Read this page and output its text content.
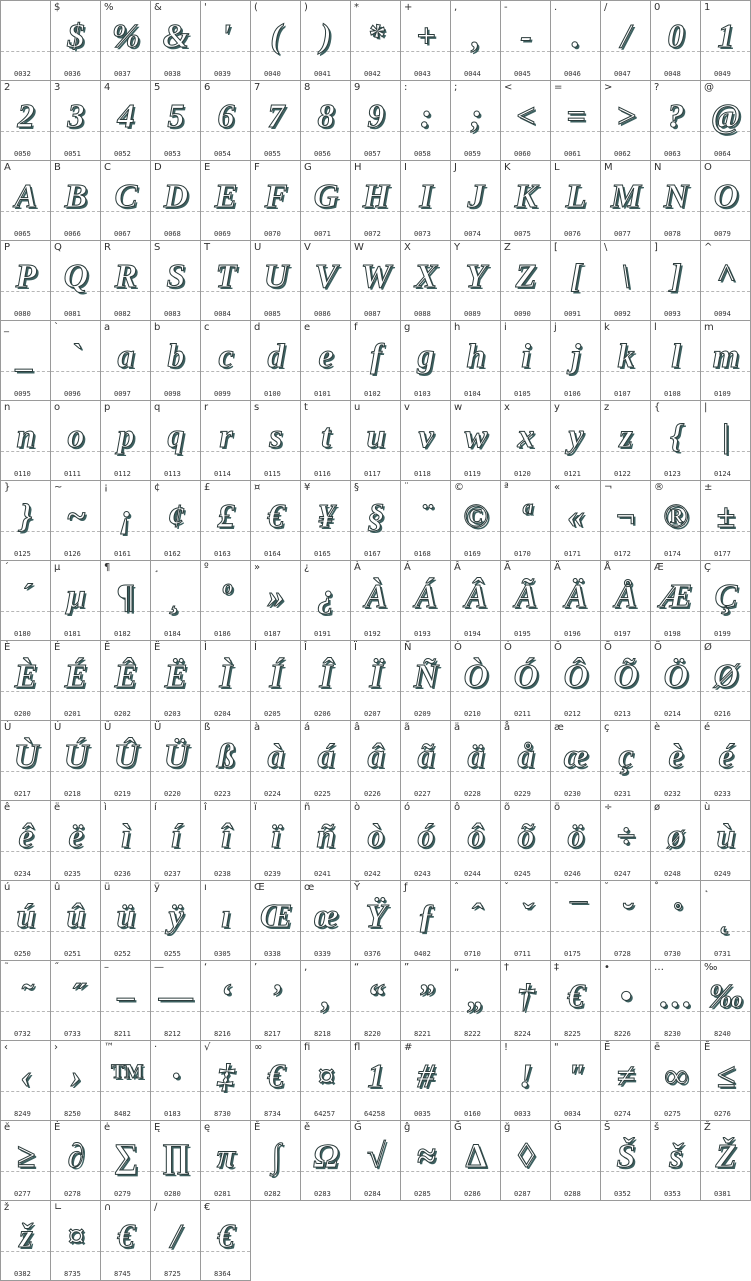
0032
$
$
0036
%
%
0037
&
&
0038
'
'
0039
(
(
0040
)
)
0041
*
*
0042
+
+
0043
,
,
0044
-
-
0045
.
.
0046
/
/
0047
0
0
0048
1
1
0049
2
2
0050
3
3
0051
4
4
0052
5
5
0053
6
6
0054
7
7
0055
8
8
0056
9
9
0057
:
:
0058
;
;
0059
<
<
0060
=
=
0061
>
>
0062
?
?
0063
@
@
0064
A
A
0065
B
B
0066
C
C
0067
D
D
0068
E
E
0069
F
F
0070
G
G
0071
H
H
0072
I
I
0073
J
J
0074
K
K
0075
L
L
0076
M
M
0077
N
N
0078
O
O
0079
P
P
0080
Q
Q
0081
R
R
0082
S
S
0083
T
T
0084
U
U
0085
V
V
0086
W
W
0087
X
X
0088
Y
Y
0089
Z
Z
0090
[
[
0091
\
\
0092
]
]
0093
^
^
0094
_
_
0095
`
`
0096
a
a
0097
b
b
0098
c
c
0099
d
d
0100
e
e
0101
f
f
0102
g
g
0103
h
h
0104
i
i
0105
j
j
0106
k
k
0107
l
l
0108
m
m
0109
n
n
0110
o
o
0111
p
p
0112
q
q
0113
r
r
0114
s
s
0115
t
t
0116
u
u
0117
v
v
0118
w
w
0119
x
x
0120
y
y
0121
z
z
0122
{
{
0123
|
|
0124
}
}
0125
~
~
0126
¡
¡
0161
¢
¢
0162
£
£
0163
¤
€
0164
¥
¥
0165
§
§
0167
¨
¨
0168
©
©
0169
ª
ª
0170
«
«
0171
¬
¬
0172
®
®
0174
±
±
0177
´
´
0180
µ
µ
0181
¶
¶
0182
¸
¸
0184
º
º
0186
»
»
0187
¿
¿
0191
À
À
0192
Á
Á
0193
Â
Â
0194
Ã
Ã
0195
Ä
Ä
0196
Å
Å
0197
Æ
Æ
0198
Ç
Ç
0199
È
È
0200
É
É
0201
Ê
Ê
0202
Ë
Ë
0203
Ì
Ì
0204
Í
Í
0205
Î
Î
0206
Ï
Ï
0207
Ñ
Ñ
0209
Ò
Ò
0210
Ó
Ó
0211
Ô
Ô
0212
Õ
Õ
0213
Ö
Ö
0214
Ø
Ø
0216
Ù
Ù
0217
Ú
Ú
0218
Û
Û
0219
Ü
Ü
0220
ß
ß
0223
à
à
0224
á
á
0225
â
â
0226
ã
ã
0227
ä
ä
0228
å
å
0229
æ
æ
0230
ç
ç
0231
è
è
0232
é
é
0233
ê
ê
0234
ë
ë
0235
ì
ì
0236
í
í
0237
î
î
0238
ï
ï
0239
ñ
ñ
0241
ò
ò
0242
ó
ó
0243
ô
ô
0244
õ
õ
0245
ö
ö
0246
÷
÷
0247
ø
ø
0248
ù
ù
0249
ú
ú
0250
û
û
0251
ü
ü
0252
ÿ
ÿ
0255
ı
ı
0305
Œ
Œ
0338
œ
œ
0339
Ÿ
Ÿ
0376
ƒ
ƒ
0402
ˆ
ˆ
0710
ˇ
ˇ
0711
¯
¯
0175
˘
˘
0728
˚
˚
0730
˛
˛
0731
˜
˜
0732
˝
˝
0733
–
–
8211
—
—
8212
‘
‘
8216
’
’
8217
‚
‚
8218
“
“
8220
”
”
8221
„
„
8222
†
†
8224
‡
€
8225
•
•
8226
…
…
8230
‰
‰
8240
‹
‹
8249
›
›
8250
™
™
8482
·
·
0183
√
‡
8730
∞
€
8734
ﬁ
¤
64257
ﬂ
1
64258
#
#
0035	0160
!
!
0033
"
"
0034
Ē
≠
0274
ē
∞
0275
Ĕ
≤
0276
ĕ
≥
0277
Ė
∂
0278
ė
∑
0279
Ę
∏
0280
ę
π
0281
Ě
∫
0282
ě
Ω
0283
Ĝ
√
0284
ĝ
≈
0285
Ğ
∆
0286
ğ
◊
0287
Ġ
0288
Š
Š
0352
š
š
0353
Ž
Ž
0381
ž
ž
0382
∟
¤
8735
∩
€
8745
∕
/
8725
€
€
8364
